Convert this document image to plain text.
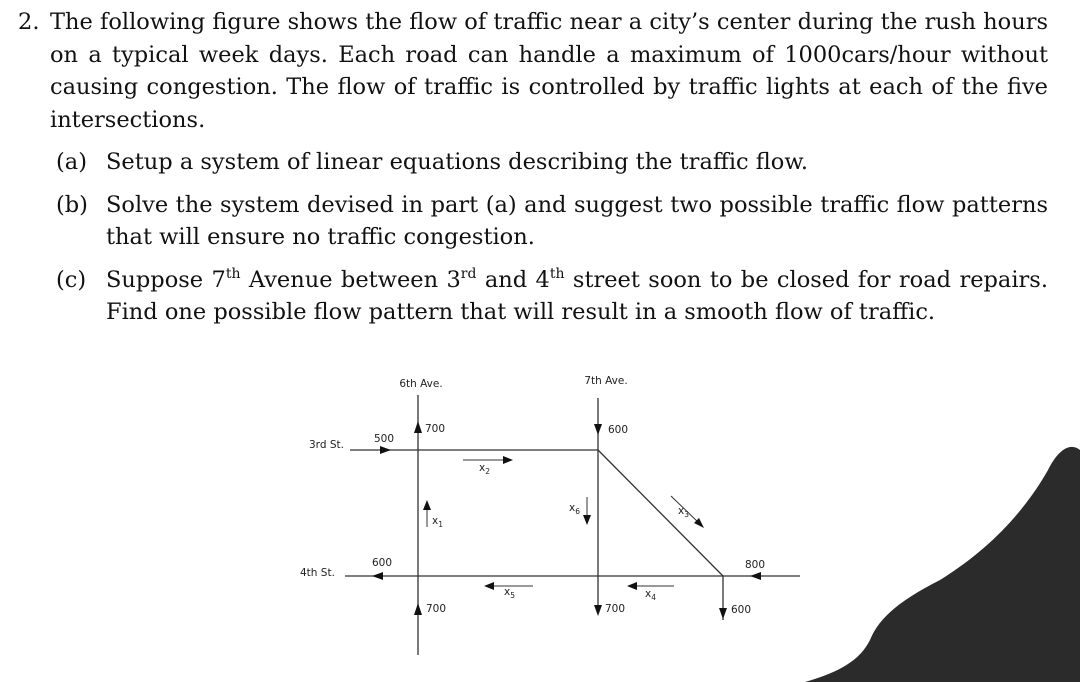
2. The following figure shows the flow of traffic near a city’s center during the rush hours on a typical week days. Each road can handle a maximum of 1000cars/hour without causing congestion. The flow of traffic is controlled by traffic lights at each of the five intersections.
(a) Setup a system of linear equations describing the traffic flow.
(b) Solve the system devised in part (a) and suggest two possible traffic flow patterns that will ensure no traffic congestion.
(c) Suppose 7th Avenue between 3rd and 4th street soon to be closed for road repairs. Find one possible flow pattern that will result in a smooth flow of traffic.
6th Ave.	7th Ave.
3rd St.
4th St.
700	600
500
600	800
700	700	600
$x_1$
$x_2$
$x_3$
$x_4$
$x_5$
$x_6$
